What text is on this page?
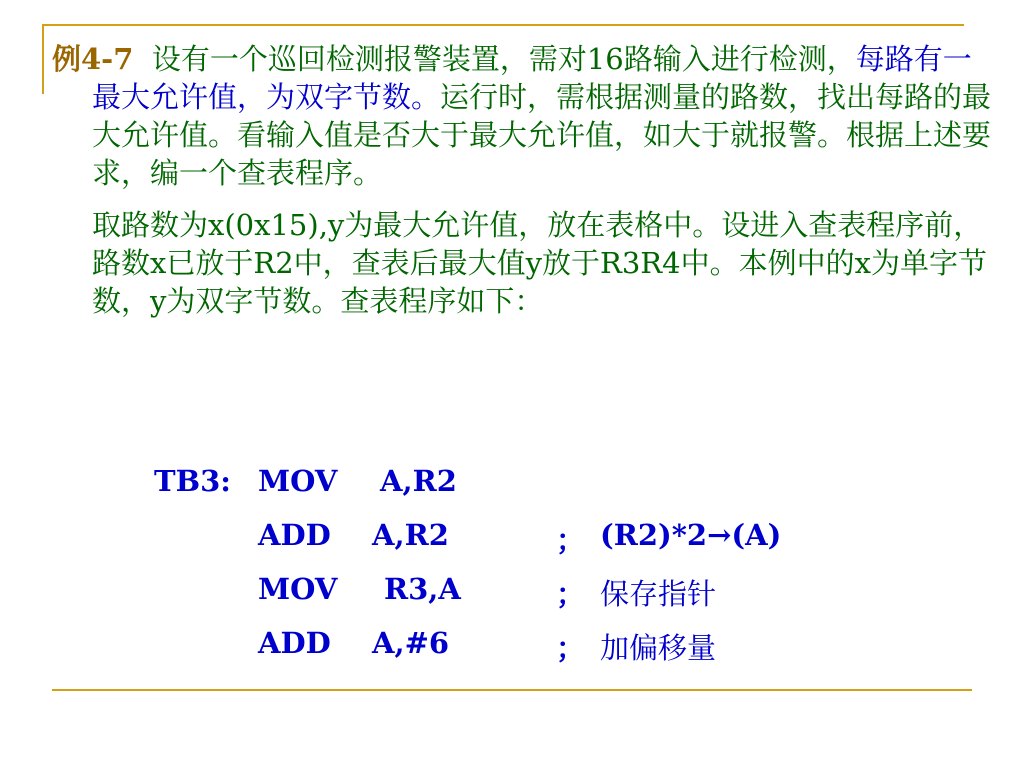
例4-7 设有一个巡回检测报警装置，需对16路输入进行检测，每路有一最大允许值，为双字节数。运行时，需根据测量的路数，找出每路的最大允许值。看输入值是否大于最大允许值，如大于就报警。根据上述要求，编一个查表程序。

取路数为x(0x15),y为最大允许值，放在表格中。设进入查表程序前，路数x已放于R2中，查表后最大值y放于R3R4中。本例中的x为单字节数，y为双字节数。查表程序如下：

TB3: MOV A,R2
ADD A,R2	； (R2)*2→(A)
MOV R3,A	； 保存指针
ADD A,#6	； 加偏移量
